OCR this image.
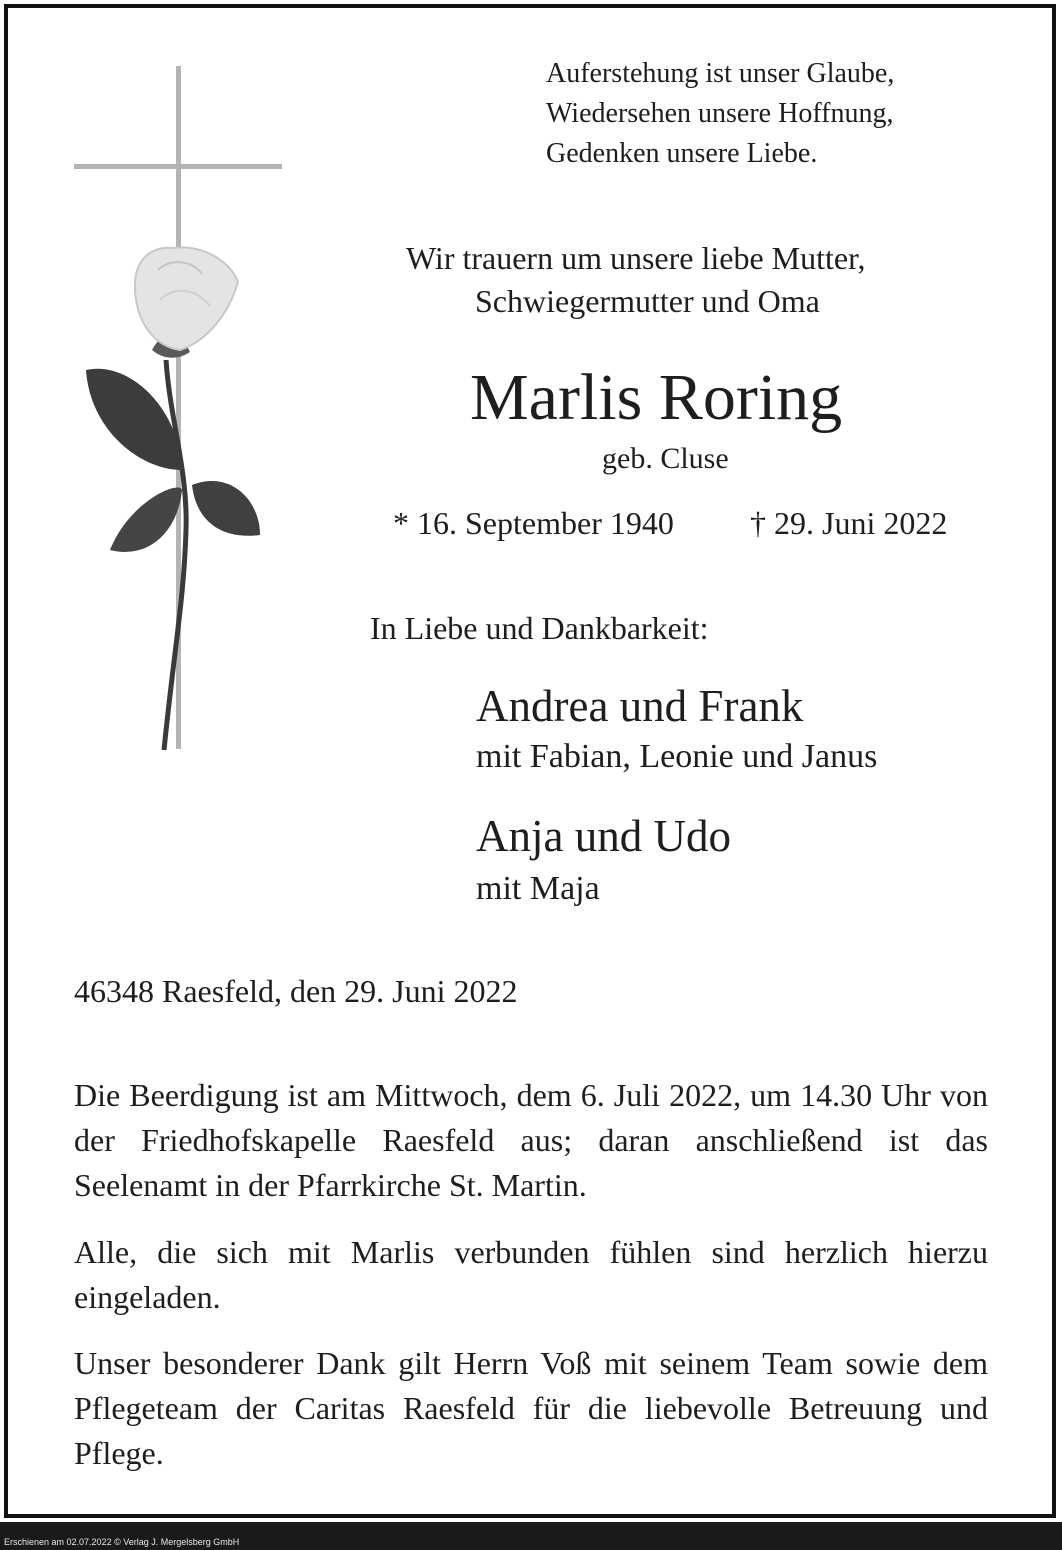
Auferstehung ist unser Glaube,
Wiedersehen unsere Hoffnung,
Gedenken unsere Liebe.
Wir trauern um unsere liebe Mutter,
Schwiegermutter und Oma
Marlis Roring
geb. Cluse
* 16. September 1940 † 29. Juni 2022
In Liebe und Dankbarkeit:
Andrea und Frank
mit Fabian, Leonie und Janus
Anja und Udo
mit Maja
46348 Raesfeld, den 29. Juni 2022
Die Beerdigung ist am Mittwoch, dem 6. Juli 2022, um 14.30 Uhr von der Friedhofskapelle Raesfeld aus; daran anschließend ist das Seelenamt in der Pfarrkirche St. Martin.
Alle, die sich mit Marlis verbunden fühlen sind herzlich hierzu eingeladen.
Unser besonderer Dank gilt Herrn Voß mit seinem Team sowie dem Pflegeteam der Caritas Raesfeld für die liebevolle Betreuung und Pflege.
Erschienen am 02.07.2022 © Verlag J. Mergelsberg GmbH
